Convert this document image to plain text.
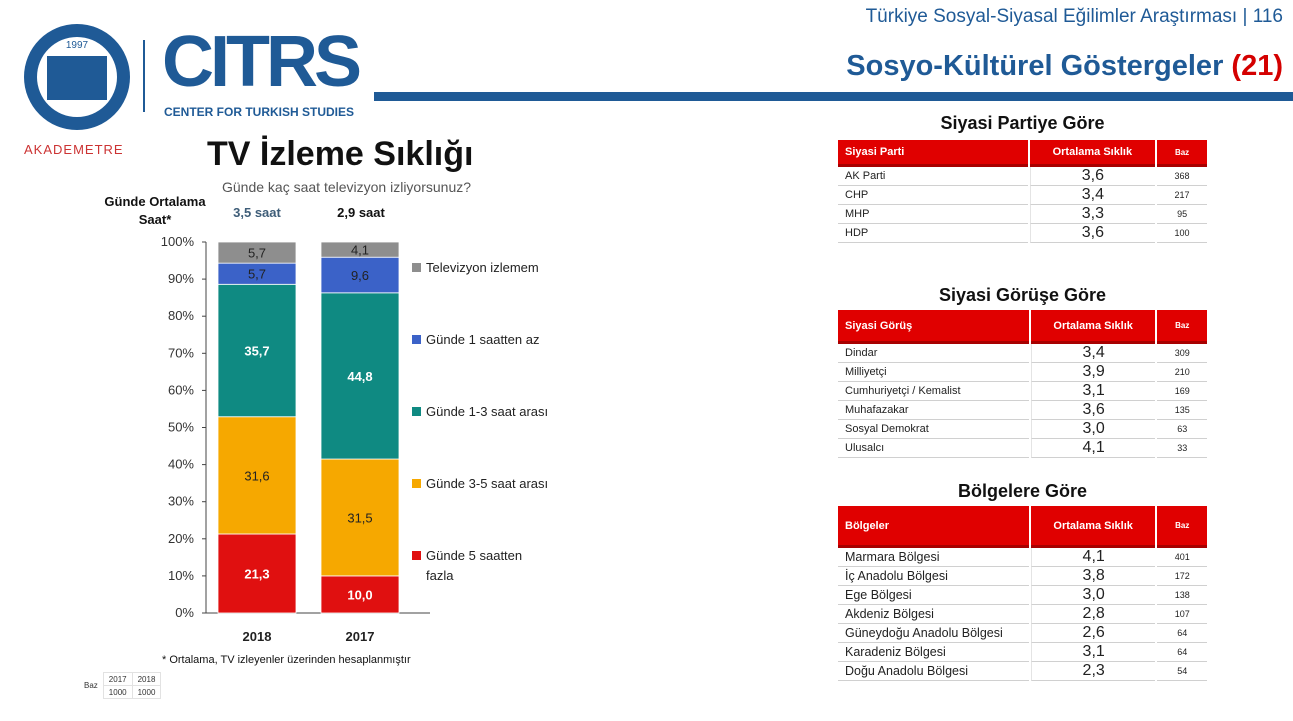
Türkiye Sosyal-Siyasal Eğilimler Araştırması | 116
Sosyo-Kültürel Göstergeler (21)
1997 CITRS
CENTER FOR TURKISH STUDIES
AKADEMETRE TV İzleme Sıklığı
Günde kaç saat televizyon izliyorsunuz?
Günde Ortalama Saat*	3,5 saat	2,9 saat
0%
10%
20%
30%
40%
50%
60%
70%
80%
90%
100%
21,3
31,6
35,7
5,7
5,7
2018
10,0
31,5
44,8
9,6
4,1
2017
Televizyon izlemem
Günde 1 saatten az
Günde 1-3 saat arası
Günde 3-5 saat arası
Günde 5 saatten fazla
* Ortalama, TV izleyenler üzerinden hesaplanmıştır
Baz	2017	2018
	1000	1000
Siyasi Partiye Göre
Siyasi Parti	Ortalama Sıklık	Baz
AK Parti	3,6	368
CHP	3,4	217
MHP	3,3	95
HDP	3,6	100
Siyasi Görüşe Göre
Siyasi Görüş	Ortalama Sıklık	Baz
Dindar	3,4	309
Milliyetçi	3,9	210
Cumhuriyetçi / Kemalist	3,1	169
Muhafazakar	3,6	135
Sosyal Demokrat	3,0	63
Ulusalcı	4,1	33
Bölgelere Göre
Bölgeler	Ortalama Sıklık	Baz
Marmara Bölgesi	4,1	401
İç Anadolu Bölgesi	3,8	172
Ege Bölgesi	3,0	138
Akdeniz Bölgesi	2,8	107
Güneydoğu Anadolu Bölgesi	2,6	64
Karadeniz Bölgesi	3,1	64
Doğu Anadolu Bölgesi	2,3	54
